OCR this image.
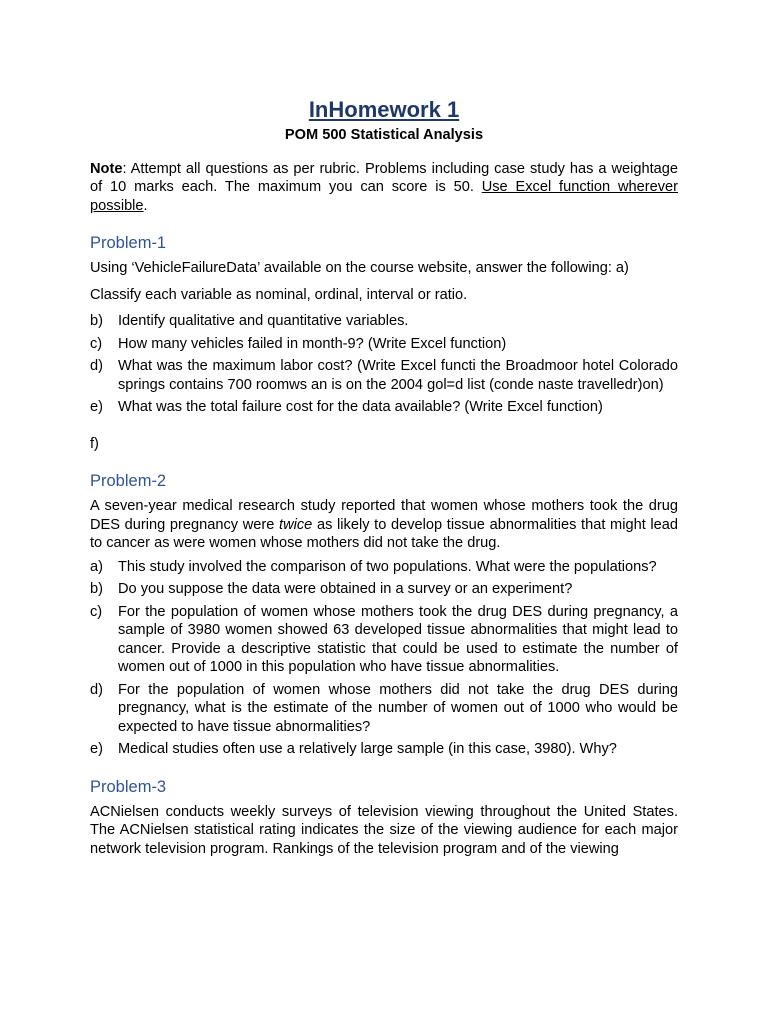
InHomework 1
POM 500 Statistical Analysis

Note: Attempt all questions as per rubric. Problems including case study has a weightage of 10 marks each. The maximum you can score is 50. Use Excel function wherever possible.

Problem-1

Using ‘VehicleFailureData’ available on the course website, answer the following: a)

Classify each variable as nominal, ordinal, interval or ratio.

b) Identify qualitative and quantitative variables.
c) How many vehicles failed in month-9? (Write Excel function)
d) What was the maximum labor cost? (Write Excel functi the Broadmoor hotel Colorado springs contains 700 roomws an is on the 2004 gol=d list (conde naste travelledr)on)
e) What was the total failure cost for the data available? (Write Excel function)

f)

Problem-2

A seven-year medical research study reported that women whose mothers took the drug DES during pregnancy were twice as likely to develop tissue abnormalities that might lead to cancer as were women whose mothers did not take the drug.

a) This study involved the comparison of two populations. What were the populations?
b) Do you suppose the data were obtained in a survey or an experiment?
c) For the population of women whose mothers took the drug DES during pregnancy, a sample of 3980 women showed 63 developed tissue abnormalities that might lead to cancer. Provide a descriptive statistic that could be used to estimate the number of women out of 1000 in this population who have tissue abnormalities.
d) For the population of women whose mothers did not take the drug DES during pregnancy, what is the estimate of the number of women out of 1000 who would be expected to have tissue abnormalities?
e) Medical studies often use a relatively large sample (in this case, 3980). Why?
Problem-3

ACNielsen conducts weekly surveys of television viewing throughout the United States. The ACNielsen statistical rating indicates the size of the viewing audience for each major network television program. Rankings of the television program and of the viewing
